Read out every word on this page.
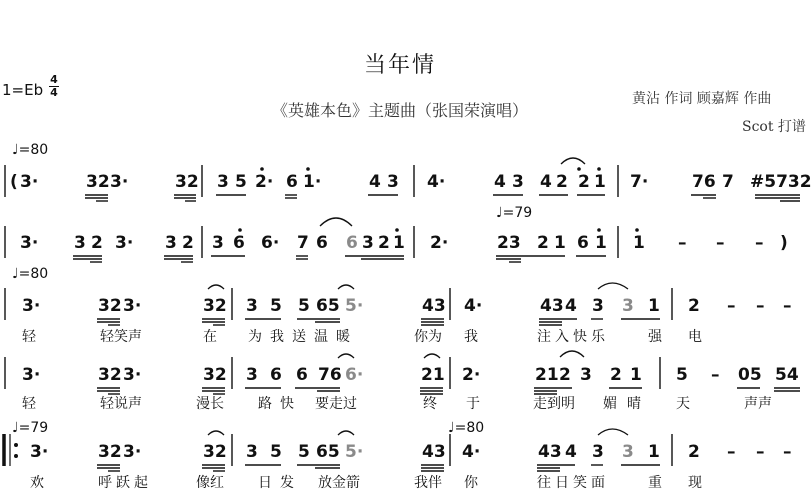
当年情
《英雄本色》主题曲（张国荣演唱）
1=Eb
4
4	黄沾 作词 顾嘉辉 作曲
Scot 打谱
♩=80
♩=79
♩=80
♩=79	♩=80
( 3·	32 3·	32 3 5 2· 6 1·	4 3 4·	4 3 4 2 2 1 7·	76 7 #5732
3· 3 2 3· 3 2 3 6 6· 7 6 6 3 2 1 2·	23 2 1 6 1 1 – – – )
3·	32 3·	32 3 5 5 65 5·	43 4·	43 4 3 3 1 2 – – –
轻	轻笑声	在 为我送温暖	你为 我	注入快乐	强 电
3·	32 3·	32 3 6 6 76 6·	21 2·	21 2 3 2 1 5 – 05 54
轻	轻说声	漫长 路快 要走过	终 于	走到明 媚晴 天	声声
3·	32 3·	32 3 5 5 65 5·	43 4·	43 4 3 3 1 2 – – –
欢	呼跃起	像红 日发 放金箭	我伴 你	往日笑面	重 现
